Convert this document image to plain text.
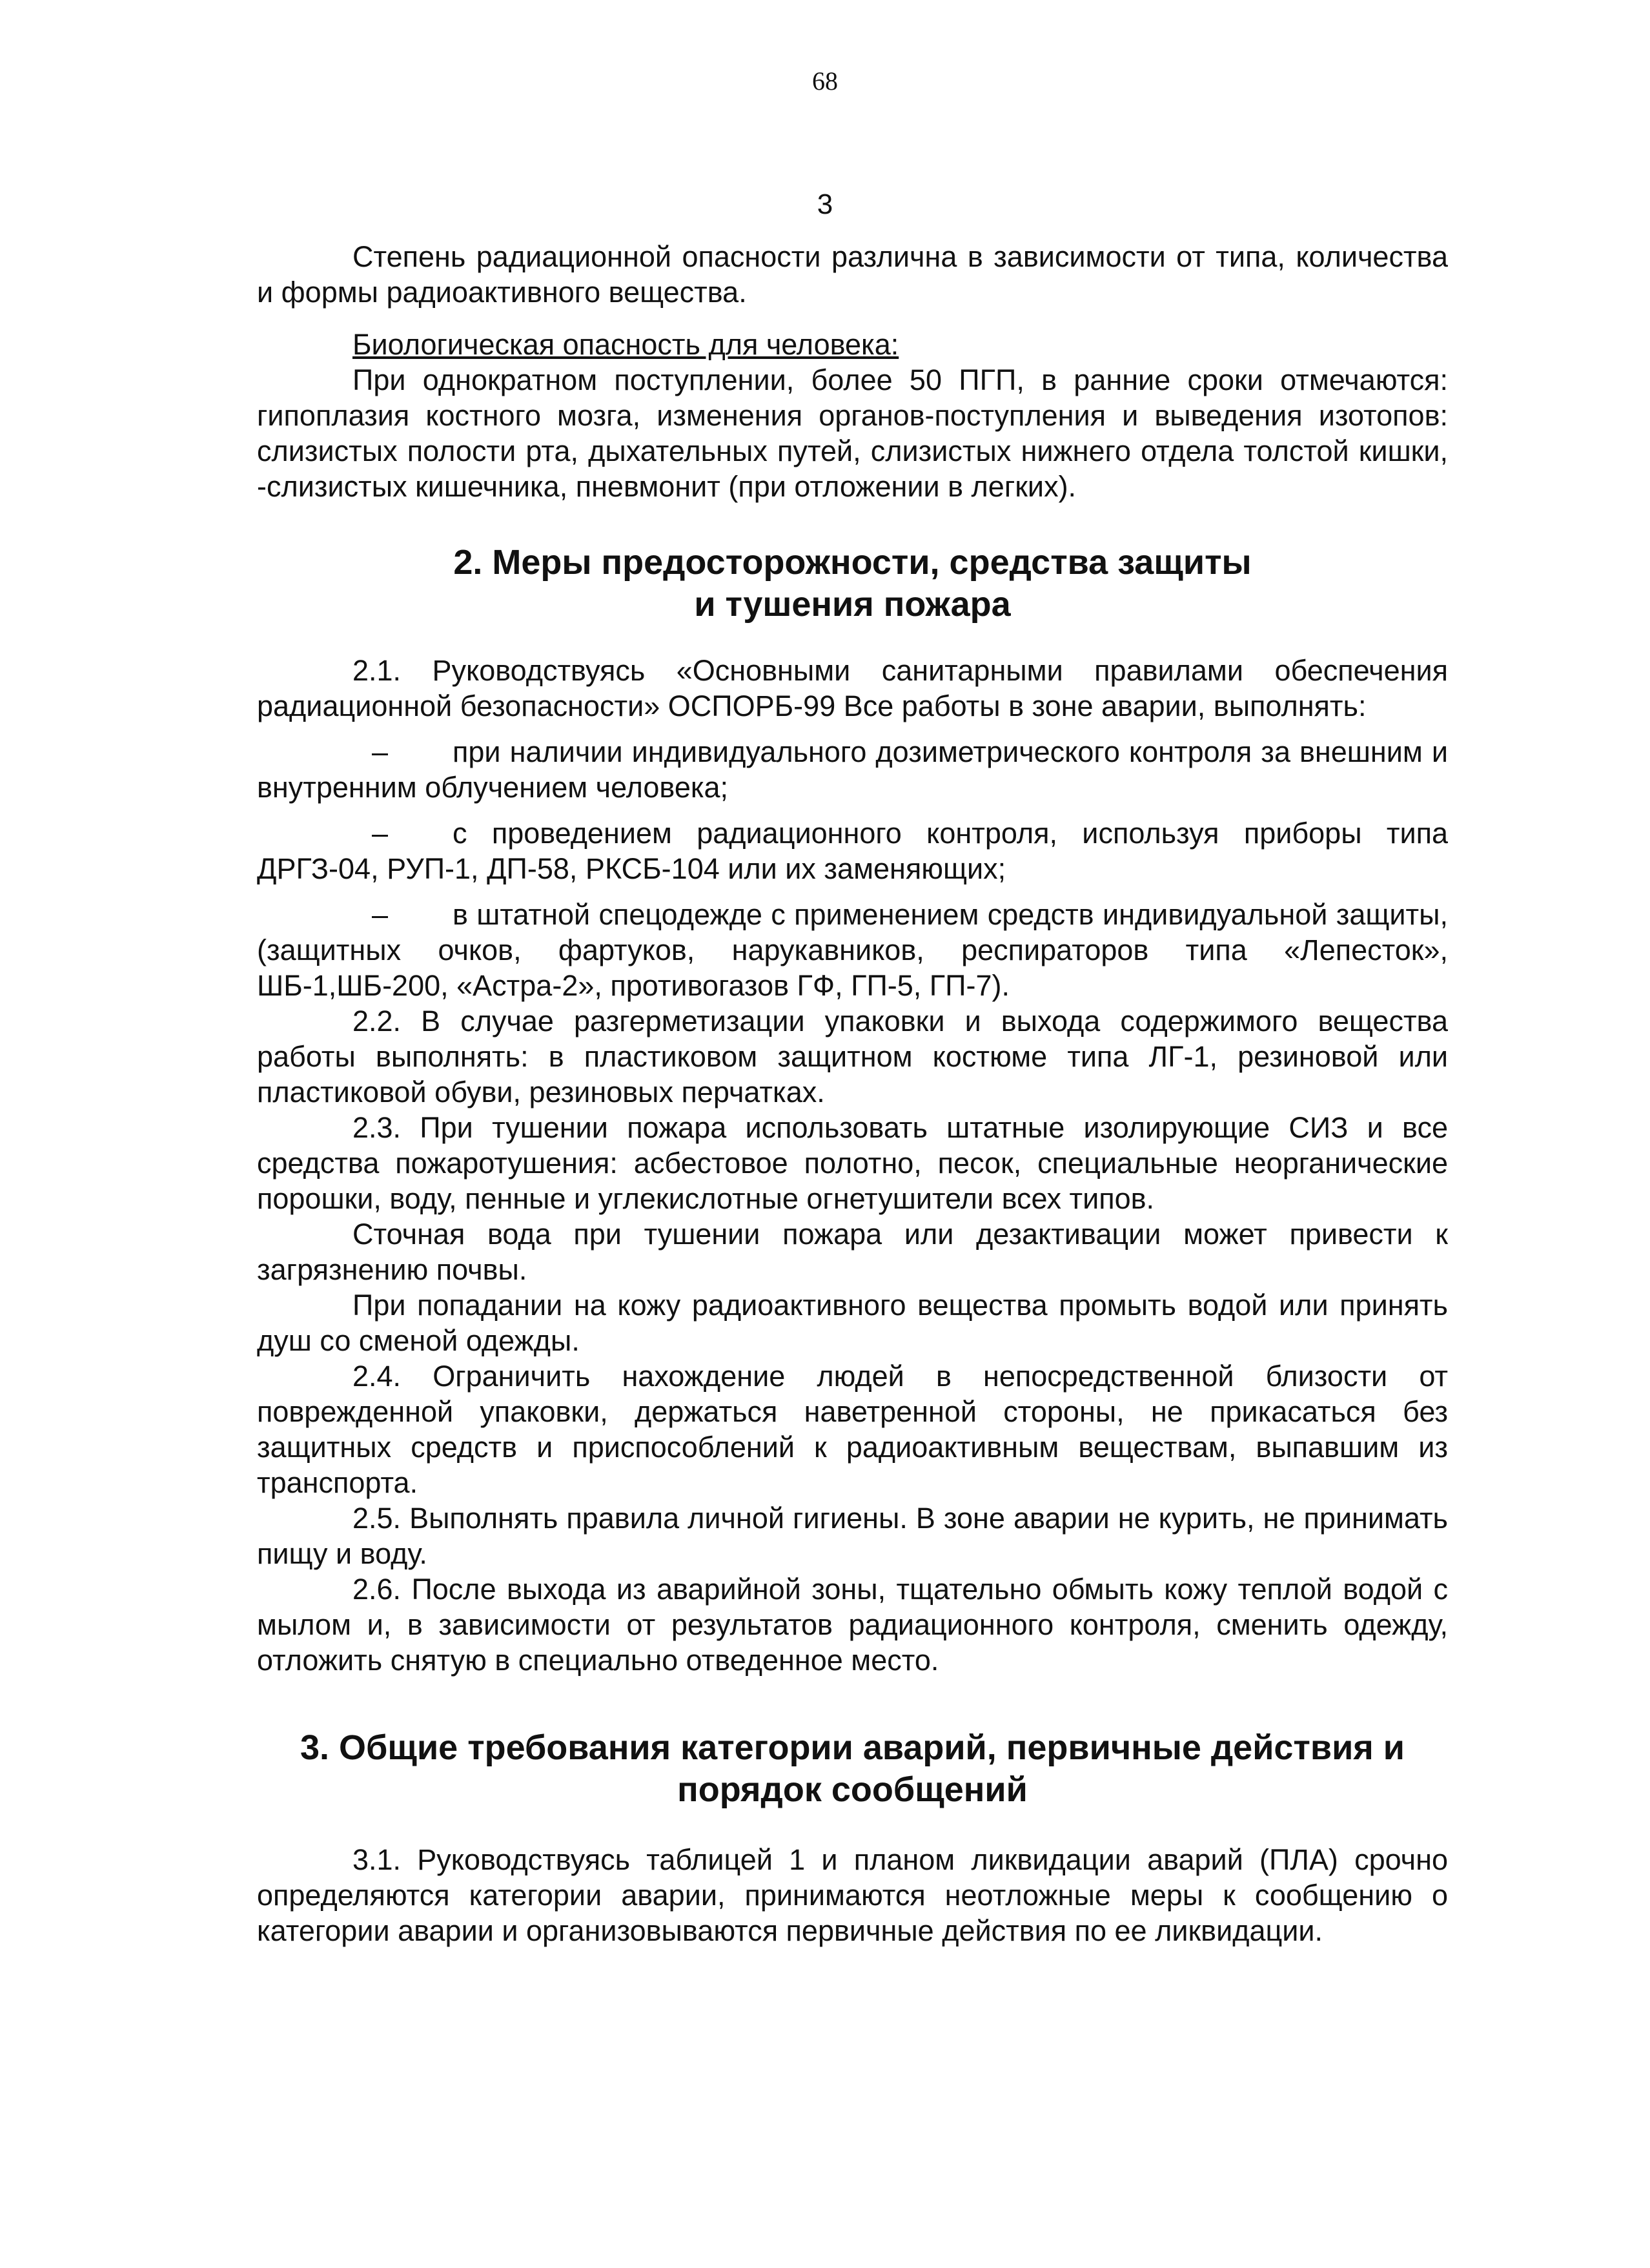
68
3

Степень радиационной опасности различна в зависимости от типа, количества и формы радиоактивного вещества.

Биологическая опасность для человека:

При однократном поступлении, более 50 ПГП, в ранние сроки отмечаются: гипоплазия костного мозга, изменения органов-поступления и выведения изотопов: слизистых полости рта, дыхательных путей, слизистых нижнего отдела толстой кишки, -слизистых кишечника, пневмонит (при отложении в легких).

2. Меры предосторожности, средства защиты
и тушения пожара

2.1. Руководствуясь «Основными санитарными правилами обеспечения радиационной безопасности» ОСПОРБ-99 Все работы в зоне аварии, выполнять:

– при наличии индивидуального дозиметрического контроля за внешним и внутренним облучением человека;

– с проведением радиационного контроля, используя приборы типа ДРГЗ-04, РУП-1, ДП-58, РКСБ-104 или их заменяющих;

– в штатной спецодежде с применением средств индивидуальной защиты, (защитных очков, фартуков, нарукавников, респираторов типа «Лепесток», ШБ-1,ШБ-200, «Астра-2», противогазов ГФ, ГП-5, ГП-7).

2.2. В случае разгерметизации упаковки и выхода содержимого вещества работы выполнять: в пластиковом защитном костюме типа ЛГ-1, резиновой или пластиковой обуви, резиновых перчатках.

2.3. При тушении пожара использовать штатные изолирующие СИЗ и все средства пожаротушения: асбестовое полотно, песок, специальные неорганические порошки, воду, пенные и углекислотные огнетушители всех типов.

Сточная вода при тушении пожара или дезактивации может привести к загрязнению почвы.

При попадании на кожу радиоактивного вещества промыть водой или принять душ со сменой одежды.

2.4. Ограничить нахождение людей в непосредственной близости от поврежденной упаковки, держаться наветренной стороны, не прикасаться без защитных средств и приспособлений к радиоактивным веществам, выпавшим из транспорта.

2.5. Выполнять правила личной гигиены. В зоне аварии не курить, не принимать пищу и воду.

2.6. После выхода из аварийной зоны, тщательно обмыть кожу теплой водой с мылом и, в зависимости от результатов радиационного контроля, сменить одежду, отложить снятую в специально отведенное место.

3. Общие требования категории аварий, первичные действия и
порядок сообщений

3.1. Руководствуясь таблицей 1 и планом ликвидации аварий (ПЛА) срочно определяются категории аварии, принимаются неотложные меры к сообщению о категории аварии и организовываются первичные действия по ее ликвидации.
